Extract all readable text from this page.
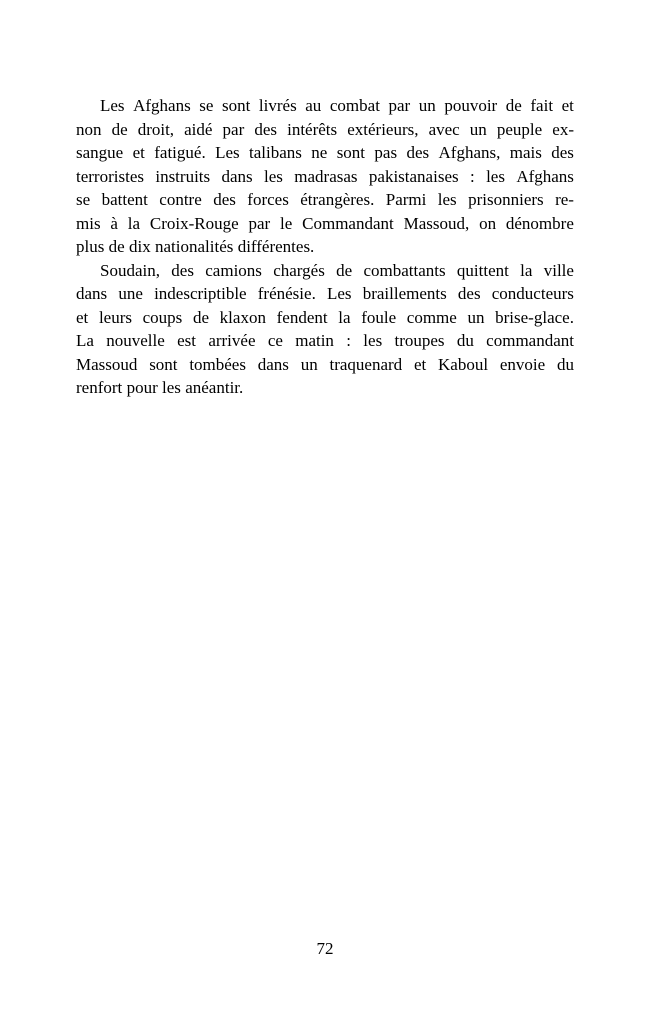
Les Afghans se sont livrés au combat par un pouvoir de fait et
non de droit, aidé par des intérêts extérieurs, avec un peuple ex-
sangue et fatigué. Les talibans ne sont pas des Afghans, mais des
terroristes instruits dans les madrasas pakistanaises : les Afghans
se battent contre des forces étrangères. Parmi les prisonniers re-
mis à la Croix-Rouge par le Commandant Massoud, on dénombre
plus de dix nationalités différentes.
Soudain, des camions chargés de combattants quittent la ville
dans une indescriptible frénésie. Les braillements des conducteurs
et leurs coups de klaxon fendent la foule comme un brise-glace.
La nouvelle est arrivée ce matin : les troupes du commandant
Massoud sont tombées dans un traquenard et Kaboul envoie du
renfort pour les anéantir.
72
